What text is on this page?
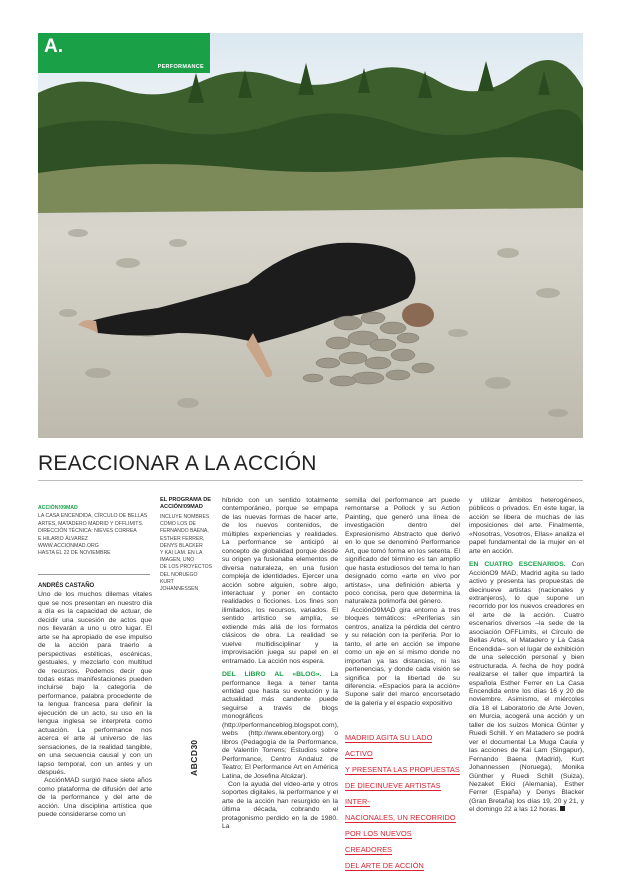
A.
PERFORMANCE
REACCIONAR A LA ACCIÓN
ACCIÓN!09MAD
LA CASA ENCENDIDA, CÍRCULO DE BELLAS
ARTES, MATADERO MADRID Y OFFLIMITS.
DIRECCIÓN TÉCNICA: NIEVES CORREA
E HILARIO ÁLVAREZ
WWW.ACCIONMAD.ORG
HASTA EL 22 DE NOVIEMBRE
EL PROGRAMA DE ACCIÓN!09MAD
INCLUYE NOMBRES
COMO LOS DE
FERNANDO BAENA,
ESTHER FERRER,
DENYS BLACKER
Y KAI LAM. EN LA
IMAGEN, UNO
DE LOS PROYECTOS
DEL NORUEGO
KURT JOHANNESSEN

ANDRÉS CASTAÑO

Uno de los muchos dilemas vitales que se nos presentan en nuestro día a día es la capacidad de actuar, de decidir una sucesión de actos que nos llevarán a uno u otro lugar. El arte se ha apropiado de ese impulso de la acción para traerlo a perspectivas estéticas, escénicas, gestuales, y mezclarlo con multitud de recursos. Podemos decir que todas estas manifestaciones pueden incluirse bajo la categoría de performance, palabra procedente de la lengua francesa para definir la ejecución de un acto, su uso en la lengua inglesa se interpreta como actuación. La performance nos acerca el arte al universo de las sensaciones, de la realidad tangible, en una secuencia causal y con un lapso temporal, con un antes y un después.

AcciónMAD surgió hace siete años como plataforma de difusión del arte de la performance y del arte de acción. Una disciplina artística que puede considerarse como un

híbrido con un sentido totalmente contemporáneo, porque se empapa de las nuevas formas de hacer arte, de los nuevos contenidos, de múltiples experiencias y realidades. La performance se anticipó al concepto de globalidad porque desde su origen ya fusionaba elementos de diversa naturaleza, en una fusión compleja de identidades. Ejercer una acción sobre alguien, sobre algo, interactuar y poner en contacto realidades o ficciones. Los fines son ilimitados, los recursos, variados. El sentido artístico se amplía, se extiende más allá de los formatos clásicos de obra. La realidad se vuelve multidisciplinar y la improvisación juega su papel en el entramado. La acción nos espera.

DEL LIBRO AL «BLOG». La performance llega a tener tanta entidad que hasta su evolución y la actualidad más candente puede seguirse a través de blogs monográficos (http://performanceblog.blogspot.com), webs (http://www.ebentory.org) o libros (Pedagogía de la Performance, de Valentín Torrens; Estudios sobre Performance, Centro Andaluz de Teatro; El Performance Art en América Latina, de Josefina Alcázar).

Con la ayuda del vídeo-arte y otros soportes digitales, la performance y el arte de la acción han resurgido en la última década, cobrando el protagonismo perdido en la de 1980. La

semilla del performance art puede remontarse a Pollock y su Action Painting, que generó una línea de investigación dentro del Expresionismo Abstracto que derivó en lo que se denominó Performance Art, que tomó forma en los setenta. El significado del término es tan amplio que hasta estudiosos del tema lo han designado como «arte en vivo por artistas», una definición abierta y poco concisa, pero que determina la naturaleza polimorfa del género.

AcciónO9MAD gira entorno a tres bloques temáticos: «Periferias sin centros, analiza la pérdida del centro y su relación con la periferia. Por lo tanto, el arte en acción se impone como un eje en sí mismo donde no importan ya las distancias, ni las pertenencias, y donde cada visión se significa por la libertad de su diferencia. «Espacios para la acción» Supone salir del marco encorsetado de la galería y el espacio expositivo

MADRID AGITA SU LADO ACTIVO
Y PRESENTA LAS PROPUESTAS
DE DIECINUEVE ARTISTAS INTER-
NACIONALES, UN RECORRIDO
POR LOS NUEVOS CREADORES
DEL ARTE DE ACCIÓN

y utilizar ámbitos heterogéneos, públicos o privados. En este lugar, la acción se libera de muchas de las imposiciones del arte. Finalmente, «Nosotras, Vosotros, Ellas» analiza el papel fundamental de la mujer en el arte en acción.

EN CUATRO ESCENARIOS. Con AcciónO9 MAD, Madrid agita su lado activo y presenta las propuestas de diecinueve artistas (nacionales y extranjeros), lo que supone un recorrido por los nuevos creadores en el arte de la acción. Cuatro escenarios diversos –la sede de la asociación OFFLimits, el Círculo de Bellas Artes, el Matadero y La Casa Encendida– son el lugar de exhibición de una selección personal y bien estructurada. A fecha de hoy podrá realizarse el taller que impartirá la española Esther Ferrer en La Casa Encendida entre los días 16 y 20 de noviembre. Asimismo, el miércoles día 18 el Laboratorio de Arte Joven, en Murcia, acogerá una acción y un taller de los suizos Monica Günter y Ruedi Schill. Y en Matadero se podrá ver el documental La Muga Caula y las acciones de Kai Lam (Singapur), Fernando Baena (Madrid), Kurt Johannessen (Noruega), Monika Günther y Ruedi Schill (Suiza), Nezaket Ekici (Alemania), Esther Ferrer (España) y Denys Blacker (Gran Bretaña) los días 19, 20 y 21, y el domingo 22 a las 12 horas.

ABCD30
